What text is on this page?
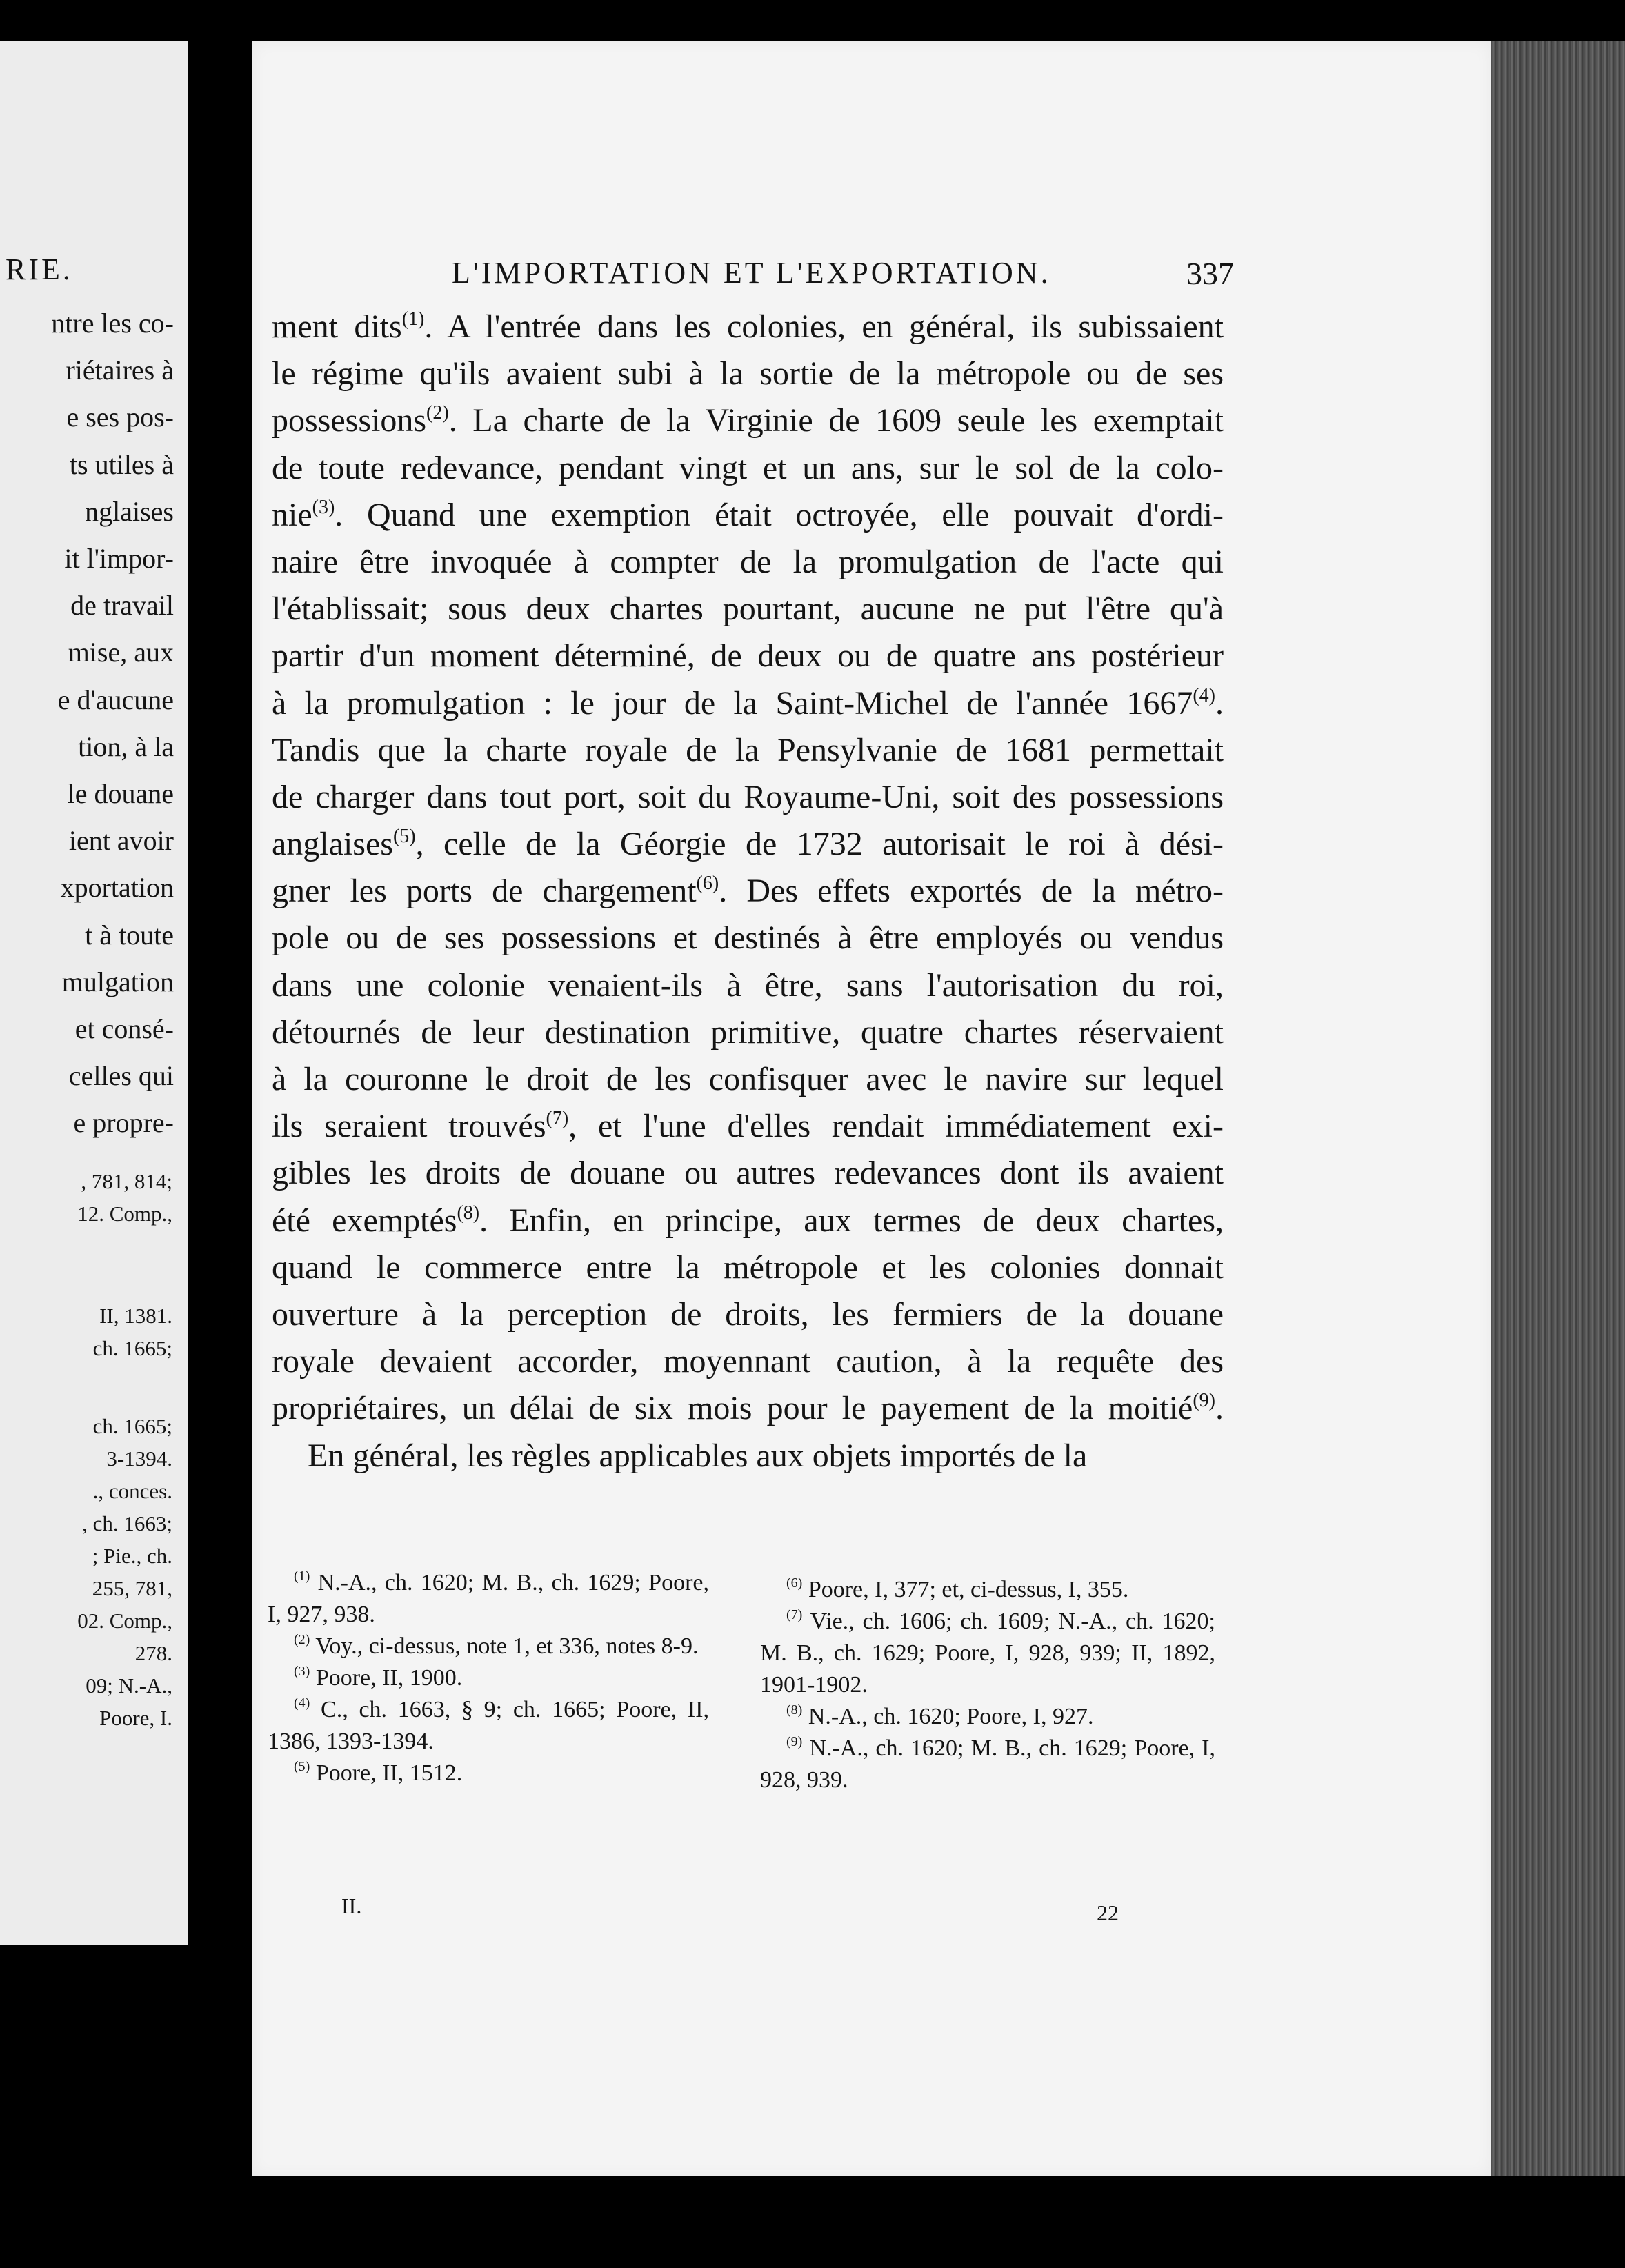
RIE.
ntre les co-
riétaires à
e ses pos-
ts utiles à
nglaises
it l'impor-
de travail
mise, aux
e d'aucune
tion, à la
le douane
ient avoir
xportation
t à toute
mulgation
et consé-
celles qui
e propre-
, 781, 814;
12. Comp.,
II, 1381.
ch. 1665;
ch. 1665;
3-1394.
., conces.
, ch. 1663;
; Pie., ch.
255, 781,
02. Comp.,
278.
09; N.-A.,
Poore, I.
L'IMPORTATION ET L'EXPORTATION.	337
ment dits$^{(1)}$. A l'entrée dans les colonies, en général, ils subissaient
le régime qu'ils avaient subi à la sortie de la métropole ou de ses
possessions$^{(2)}$. La charte de la Virginie de 1609 seule les exemptait
de toute redevance, pendant vingt et un ans, sur le sol de la colo-
nie$^{(3)}$. Quand une exemption était octroyée, elle pouvait d'ordi-
naire être invoquée à compter de la promulgation de l'acte qui
l'établissait; sous deux chartes pourtant, aucune ne put l'être qu'à
partir d'un moment déterminé, de deux ou de quatre ans postérieur
à la promulgation : le jour de la Saint-Michel de l'année 1667$^{(4)}$.
Tandis que la charte royale de la Pensylvanie de 1681 permettait
de charger dans tout port, soit du Royaume-Uni, soit des possessions
anglaises$^{(5)}$, celle de la Géorgie de 1732 autorisait le roi à dési-
gner les ports de chargement$^{(6)}$. Des effets exportés de la métro-
pole ou de ses possessions et destinés à être employés ou vendus
dans une colonie venaient-ils à être, sans l'autorisation du roi,
détournés de leur destination primitive, quatre chartes réservaient
à la couronne le droit de les confisquer avec le navire sur lequel
ils seraient trouvés$^{(7)}$, et l'une d'elles rendait immédiatement exi-
gibles les droits de douane ou autres redevances dont ils avaient
été exemptés$^{(8)}$. Enfin, en principe, aux termes de deux chartes,
quand le commerce entre la métropole et les colonies donnait
ouverture à la perception de droits, les fermiers de la douane
royale devaient accorder, moyennant caution, à la requête des
propriétaires, un délai de six mois pour le payement de la moitié$^{(9)}$.
En général, les règles applicables aux objets importés de la
$^{(1)}$ N.-A., ch. 1620; M. B., ch. 1629; Poore, I, 927, 938.
$^{(2)}$ Voy., ci-dessus, note 1, et 336, notes 8-9.
$^{(3)}$ Poore, II, 1900.
$^{(4)}$ C., ch. 1663, § 9; ch. 1665; Poore, II, 1386, 1393-1394.
$^{(5)}$ Poore, II, 1512.
$^{(6)}$ Poore, I, 377; et, ci-dessus, I, 355.
$^{(7)}$ Vie., ch. 1606; ch. 1609; N.-A., ch. 1620; M. B., ch. 1629; Poore, I, 928, 939; II, 1892, 1901-1902.
$^{(8)}$ N.-A., ch. 1620; Poore, I, 927.
$^{(9)}$ N.-A., ch. 1620; M. B., ch. 1629; Poore, I, 928, 939.
II.	22
